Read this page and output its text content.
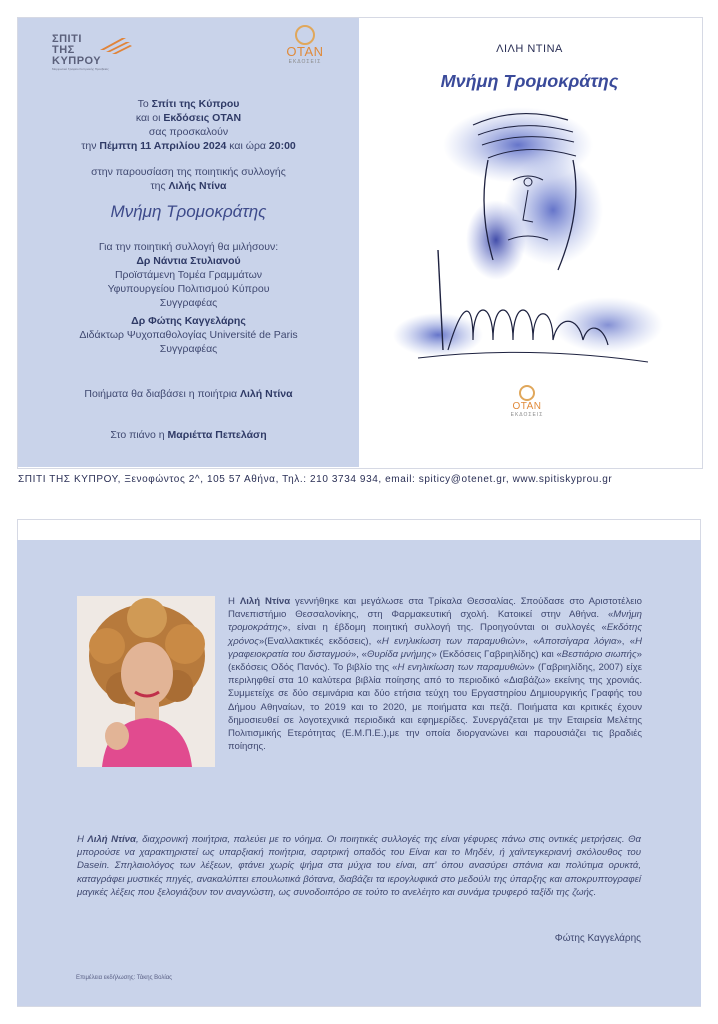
ΣΠΙΤΙ
ΤΗΣ
ΚΥΠΡΟΥ
Μορφωτικό Γραφείο Κυπριακής Πρεσβείας
ΟΤΑΝ
ΕΚΔΟΣΕΙΣ
Το Σπίτι της Κύπρου
και οι Εκδόσεις ΟΤΑΝ
σας προσκαλούν
την Πέμπτη 11 Απριλίου 2024 και ώρα 20:00
στην παρουσίαση της ποιητικής συλλογής
της Λιλής Ντίνα
Μνήμη Τρομοκράτης
Για την ποιητική συλλογή θα μιλήσουν:
Δρ Νάντια Στυλιανού
Προϊστάμενη Τομέα Γραμμάτων
Υφυπουργείου Πολιτισμού Κύπρου
Συγγραφέας
Δρ Φώτης Καγγελάρης
Διδάκτωρ Ψυχοπαθολογίας Université de Paris
Συγγραφέας
Ποιήματα θα διαβάσει η ποιήτρια Λιλή Ντίνα
Στο πιάνο η Μαριέττα Πεπελάση
ΛΙΛΗ ΝΤΙΝΑ
Μνήμη Τρομοκράτης
ΟΤΑΝ
ΕΚΔΟΣΕΙΣ
ΣΠΙΤΙ ΤΗΣ ΚΥΠΡΟΥ, Ξενοφώντος 2^, 105 57 Αθήνα, Τηλ.: 210 3734 934, email: spiticy@otenet.gr, www.spitiskyprou.gr
Η Λιλή Ντίνα γεννήθηκε και μεγάλωσε στα Τρίκαλα Θεσσαλίας. Σπούδασε στο Αριστοτέλειο Πανεπιστήμιο Θεσσαλονίκης, στη Φαρμακευτική σχολή. Κατοικεί στην Αθήνα. «Μνήμη τρομοκράτης», είναι η έβδομη ποιητική συλλογή της. Προηγούνται οι συλλογές «Εκδότης χρόνος»(Εναλλακτικές εκδόσεις), «Η ενηλικίωση των παραμυθιών», «Αποτσίγαρα λόγια», «Η γραφειοκρατία του δισταγμού», «Θυρίδα μνήμης» (Εκδόσεις Γαβριηλίδης) και «Βεστιάριο σιωπής» (εκδόσεις Οδός Πανός). Το βιβλίο της «Η ενηλικίωση των παραμυθιών» (Γαβριηλίδης, 2007) είχε περιληφθεί στα 10 καλύτερα βιβλία ποίησης από το περιοδικό «Διαβάζω» εκείνης της χρονιάς. Συμμετείχε σε δύο σεμινάρια και δύο ετήσια τεύχη του Εργαστηρίου Δημιουργικής Γραφής του Δήμου Αθηναίων, το 2019 και το 2020, με ποιήματα και πεζά. Ποιήματα και κριτικές έχουν δημοσιευθεί σε λογοτεχνικά περιοδικά και εφημερίδες. Συνεργάζεται με την Εταιρεία Μελέτης Πολιτισμικής Ετερότητας (Ε.Μ.Π.Ε.),με την οποία διοργανώνει και παρουσιάζει τις βραδιές ποίησης.
Η Λιλή Ντίνα, διαχρονική ποιήτρια, παλεύει με το νόημα. Οι ποιητικές συλλογές της είναι γέφυρες πάνω στις οντικές μετρήσεις. Θα μπορούσε να χαρακτηριστεί ως υπαρξιακή ποιήτρια, σαρτρική οπαδός του Είναι και το Μηδέν, ή χαϊντεγκεριανή σκόλουθος του Dasein. Σπηλαιολόγος των λέξεων, φτάνει χωρίς ψήμα στα μύχια του είναι, απ' όπου ανασύρει σπάνια και πολύτιμα ορυκτά, καταγράφει μυστικές πηγές, ανακαλύπτει επουλωτικά βότανα, διαβάζει τα ιερογλυφικά στο μεδούλι της ύπαρξης και αποκρυπτογραφεί μαγικές λέξεις που ξελογιάζουν τον αναγνώστη, ως συνοδοιπόρο σε τούτο το ανελέητο και συνάμα τρυφερό ταξίδι της ζωής.
Φώτης Καγγελάρης
Επιμέλεια εκδήλωσης: Τάκης Βολίας
